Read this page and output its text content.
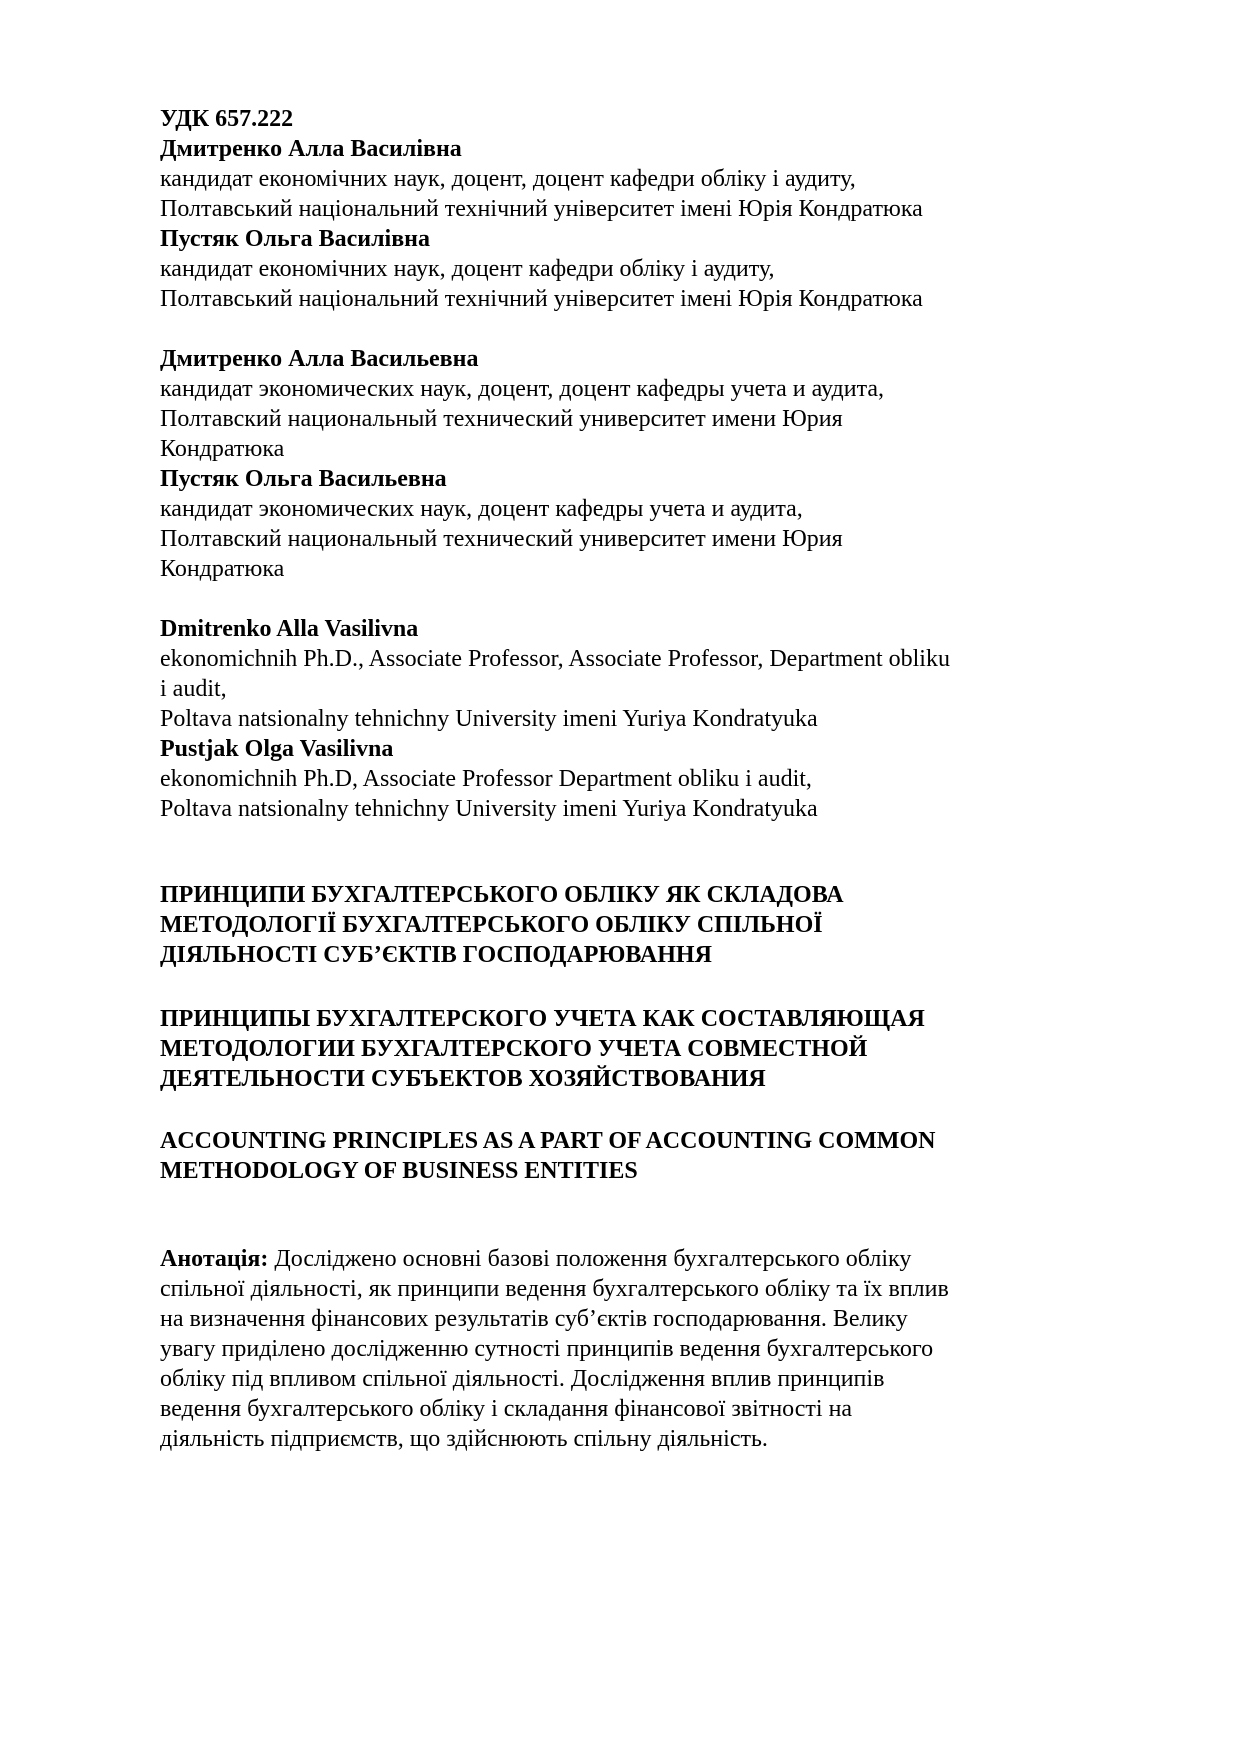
УДК 657.222
Дмитренко Алла Василівна
кандидат економічних наук, доцент, доцент кафедри обліку і аудиту,
Полтавський національний технічний університет імені Юрія Кондратюка
Пустяк Ольга Василівна
кандидат економічних наук, доцент кафедри обліку і аудиту,
Полтавський національний технічний університет імені Юрія Кондратюка
Дмитренко Алла Васильевна
кандидат экономических наук, доцент, доцент кафедры учета и аудита,
Полтавский национальный технический университет имени Юрия
Кондратюка
Пустяк Ольга Васильевна
кандидат экономических наук, доцент кафедры учета и аудита,
Полтавский национальный технический университет имени Юрия
Кондратюка
Dmitrenko Alla Vasilivna
ekonomichnih Ph.D., Associate Professor, Associate Professor, Department obliku
i audit,
Poltava natsionalny tehnichny University imeni Yuriya Kondratyuka
Pustjak Olga Vasilivna
ekonomichnih Ph.D, Associate Professor Department obliku i audit,
Poltava natsionalny tehnichny University imeni Yuriya Kondratyuka
ПРИНЦИПИ БУХГАЛТЕРСЬКОГО ОБЛІКУ ЯК СКЛАДОВА
МЕТОДОЛОГІЇ БУХГАЛТЕРСЬКОГО ОБЛІКУ СПІЛЬНОЇ
ДІЯЛЬНОСТІ СУБ’ЄКТІВ ГОСПОДАРЮВАННЯ
ПРИНЦИПЫ БУХГАЛТЕРСКОГО УЧЕТА КАК СОСТАВЛЯЮЩАЯ
МЕТОДОЛОГИИ БУХГАЛТЕРСКОГО УЧЕТА СОВМЕСТНОЙ
ДЕЯТЕЛЬНОСТИ СУБЪЕКТОВ ХОЗЯЙСТВОВАНИЯ
ACCOUNTING PRINCIPLES AS A PART OF ACCOUNTING COMMON
METHODOLOGY OF BUSINESS ENTITIES
Анотація: Досліджено основні базові положення бухгалтерського обліку
спільної діяльності, як принципи ведення бухгалтерського обліку та їх вплив
на визначення фінансових результатів суб’єктів господарювання. Велику
увагу приділено дослідженню сутності принципів ведення бухгалтерського
обліку під впливом спільної діяльності. Дослідження вплив принципів
ведення бухгалтерського обліку і складання фінансової звітності на
діяльність підприємств, що здійснюють спільну діяльність.
